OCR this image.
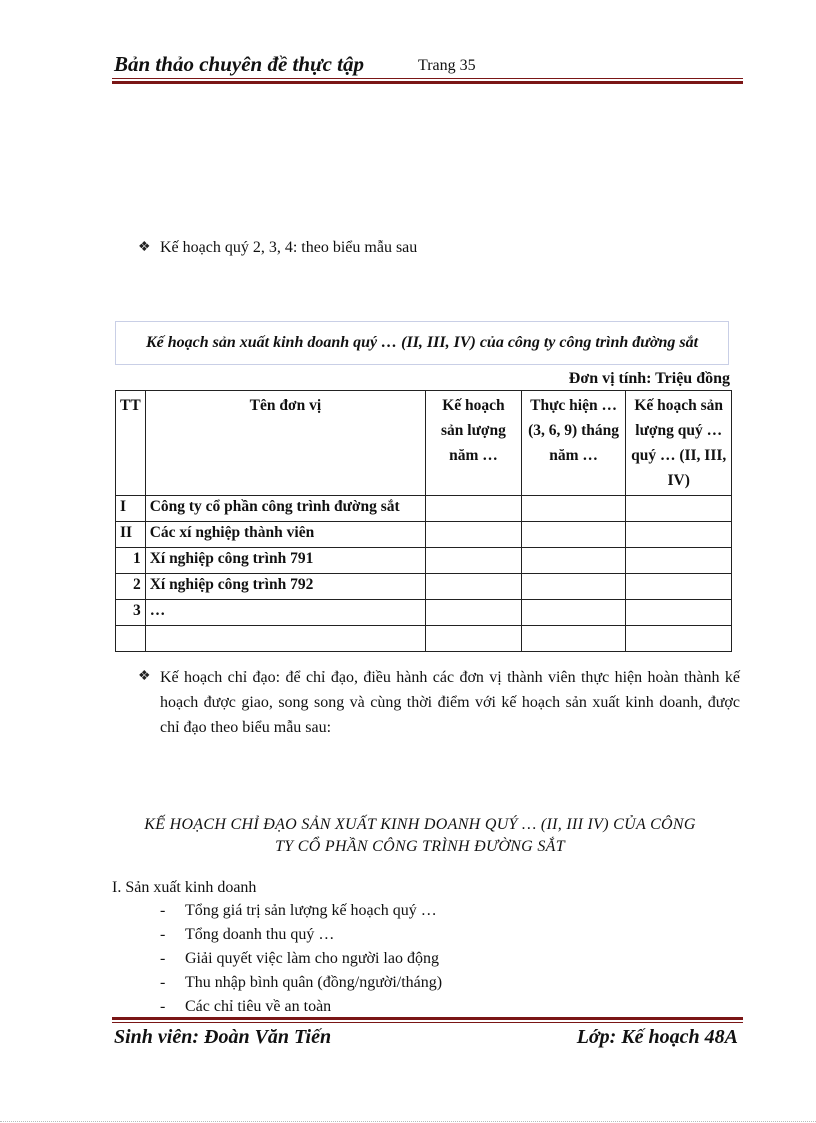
Bản thảo chuyên đề thực tập	Trang 35
❖ Kế hoạch quý 2, 3, 4: theo biểu mẫu sau
Kế hoạch sản xuất kinh doanh quý … (II, III, IV) của công ty công trình đường sắt
Đơn vị tính: Triệu đồng
TT	Tên đơn vị	Kế hoạch sản lượng năm …	Thực hiện … (3, 6, 9) tháng năm …	Kế hoạch sản lượng quý …quý … (II, III, IV)
I	Công ty cổ phần công trình đường sắt			
II	Các xí nghiệp thành viên			
1	Xí nghiệp công trình 791			
2	Xí nghiệp công trình 792			
3	…			

❖ Kế hoạch chỉ đạo: để chỉ đạo, điều hành các đơn vị thành viên thực hiện hoàn thành kế hoạch được giao, song song và cùng thời điểm với kế hoạch sản xuất kinh doanh, được chỉ đạo theo biểu mẫu sau:
KẾ HOẠCH CHỈ ĐẠO SẢN XUẤT KINH DOANH QUÝ … (II, III IV) CỦA CÔNG
TY CỔ PHẦN CÔNG TRÌNH ĐƯỜNG SẮT
I. Sản xuất kinh doanh
-	Tổng giá trị sản lượng kế hoạch quý …
-	Tổng doanh thu quý …
-	Giải quyết việc làm cho người lao động
-	Thu nhập bình quân (đồng/người/tháng)
-	Các chỉ tiêu về an toàn
Sinh viên: Đoàn Văn Tiến	Lớp: Kế hoạch 48A
